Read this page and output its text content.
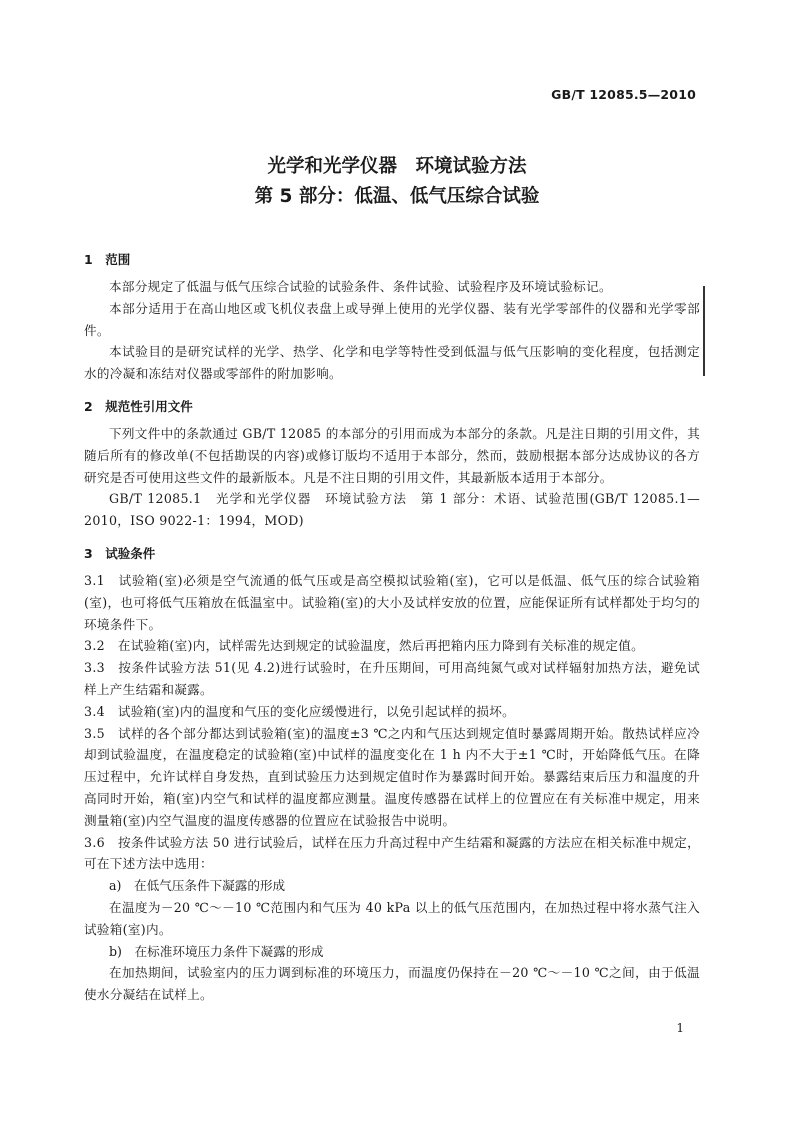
GB/T 12085.5—2010
光学和光学仪器　环境试验方法
第 5 部分：低温、低气压综合试验
1　范围

本部分规定了低温与低气压综合试验的试验条件、条件试验、试验程序及环境试验标记。

本部分适用于在高山地区或飞机仪表盘上或导弹上使用的光学仪器、装有光学零部件的仪器和光学零部件。

本试验目的是研究试样的光学、热学、化学和电学等特性受到低温与低气压影响的变化程度，包括测定水的冷凝和冻结对仪器或零部件的附加影响。

2　规范性引用文件

下列文件中的条款通过 GB/T 12085 的本部分的引用而成为本部分的条款。凡是注日期的引用文件，其随后所有的修改单(不包括勘误的内容)或修订版均不适用于本部分，然而，鼓励根据本部分达成协议的各方研究是否可使用这些文件的最新版本。凡是不注日期的引用文件，其最新版本适用于本部分。

GB/T 12085.1　光学和光学仪器　环境试验方法　第 1 部分：术语、试验范围(GB/T 12085.1—2010，ISO 9022-1：1994，MOD)

3　试验条件

3.1　试验箱(室)必须是空气流通的低气压或是高空模拟试验箱(室)，它可以是低温、低气压的综合试验箱(室)，也可将低气压箱放在低温室中。试验箱(室)的大小及试样安放的位置，应能保证所有试样都处于均匀的环境条件下。

3.2　在试验箱(室)内，试样需先达到规定的试验温度，然后再把箱内压力降到有关标准的规定值。

3.3　按条件试验方法 51(见 4.2)进行试验时，在升压期间，可用高纯氮气或对试样辐射加热方法，避免试样上产生结霜和凝露。

3.4　试验箱(室)内的温度和气压的变化应缓慢进行，以免引起试样的损坏。

3.5　试样的各个部分都达到试验箱(室)的温度±3 ℃之内和气压达到规定值时暴露周期开始。散热试样应冷却到试验温度，在温度稳定的试验箱(室)中试样的温度变化在 1 h 内不大于±1 ℃时，开始降低气压。在降压过程中，允许试样自身发热，直到试验压力达到规定值时作为暴露时间开始。暴露结束后压力和温度的升高同时开始，箱(室)内空气和试样的温度都应测量。温度传感器在试样上的位置应在有关标准中规定，用来测量箱(室)内空气温度的温度传感器的位置应在试验报告中说明。

3.6　按条件试验方法 50 进行试验后，试样在压力升高过程中产生结霜和凝露的方法应在相关标准中规定，可在下述方法中选用：

a)　在低气压条件下凝露的形成

在温度为－20 ℃～－10 ℃范围内和气压为 40 kPa 以上的低气压范围内，在加热过程中将水蒸气注入试验箱(室)内。

b)　在标准环境压力条件下凝露的形成

在加热期间，试验室内的压力调到标准的环境压力，而温度仍保持在－20 ℃～－10 ℃之间，由于低温使水分凝结在试样上。

1
